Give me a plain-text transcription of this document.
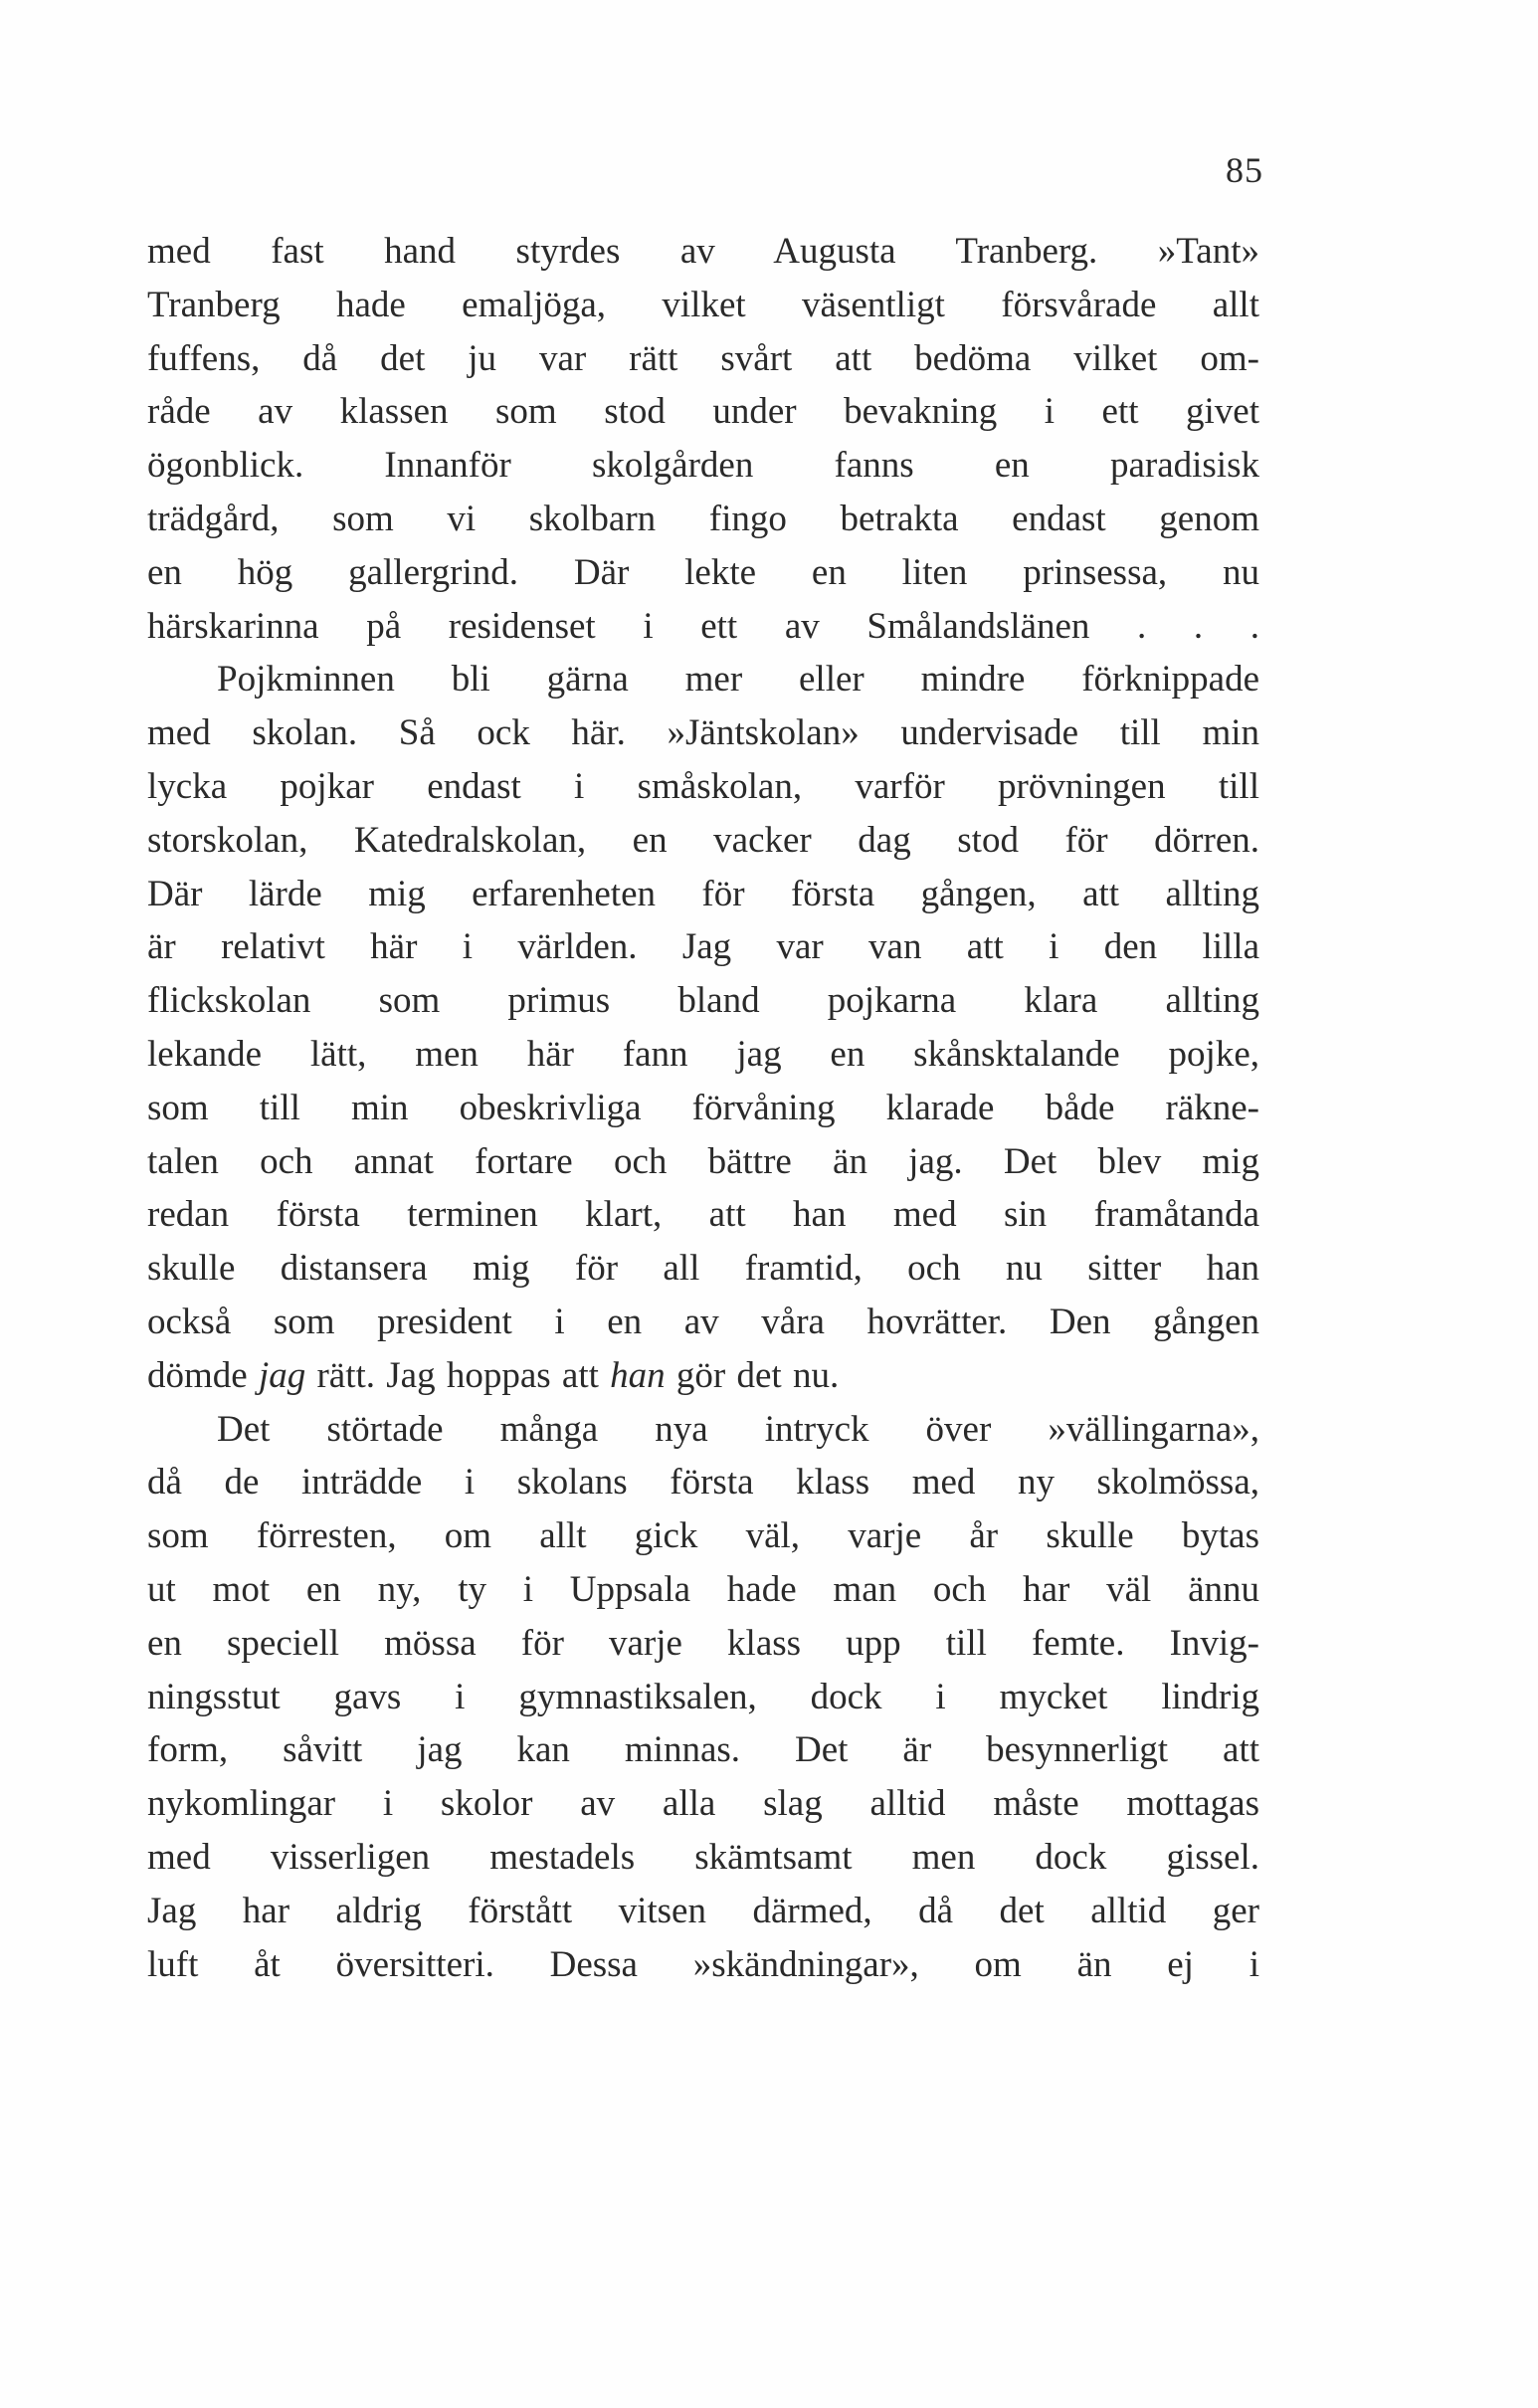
85
med fast hand styrdes av Augusta Tranberg. »Tant»
Tranberg hade emaljöga, vilket väsentligt försvårade allt
fuffens, då det ju var rätt svårt att bedöma vilket om-
råde av klassen som stod under bevakning i ett givet
ögonblick. Innanför skolgården fanns en paradisisk
trädgård, som vi skolbarn fingo betrakta endast genom
en hög gallergrind. Där lekte en liten prinsessa, nu
härskarinna på residenset i ett av Smålandslänen . . .
Pojkminnen bli gärna mer eller mindre förknippade
med skolan. Så ock här. »Jäntskolan» undervisade till min
lycka pojkar endast i småskolan, varför prövningen till
storskolan, Katedralskolan, en vacker dag stod för dörren.
Där lärde mig erfarenheten för första gången, att allting
är relativt här i världen. Jag var van att i den lilla
flickskolan som primus bland pojkarna klara allting
lekande lätt, men här fann jag en skånsktalande pojke,
som till min obeskrivliga förvåning klarade både räkne-
talen och annat fortare och bättre än jag. Det blev mig
redan första terminen klart, att han med sin framåtanda
skulle distansera mig för all framtid, och nu sitter han
också som president i en av våra hovrätter. Den gången
dömde jag rätt. Jag hoppas att han gör det nu.
Det störtade många nya intryck över »vällingarna»,
då de inträdde i skolans första klass med ny skolmössa,
som förresten, om allt gick väl, varje år skulle bytas
ut mot en ny, ty i Uppsala hade man och har väl ännu
en speciell mössa för varje klass upp till femte. Invig-
ningsstut gavs i gymnastiksalen, dock i mycket lindrig
form, såvitt jag kan minnas. Det är besynnerligt att
nykomlingar i skolor av alla slag alltid måste mottagas
med visserligen mestadels skämtsamt men dock gissel.
Jag har aldrig förstått vitsen därmed, då det alltid ger
luft åt översitteri. Dessa »skändningar», om än ej i
